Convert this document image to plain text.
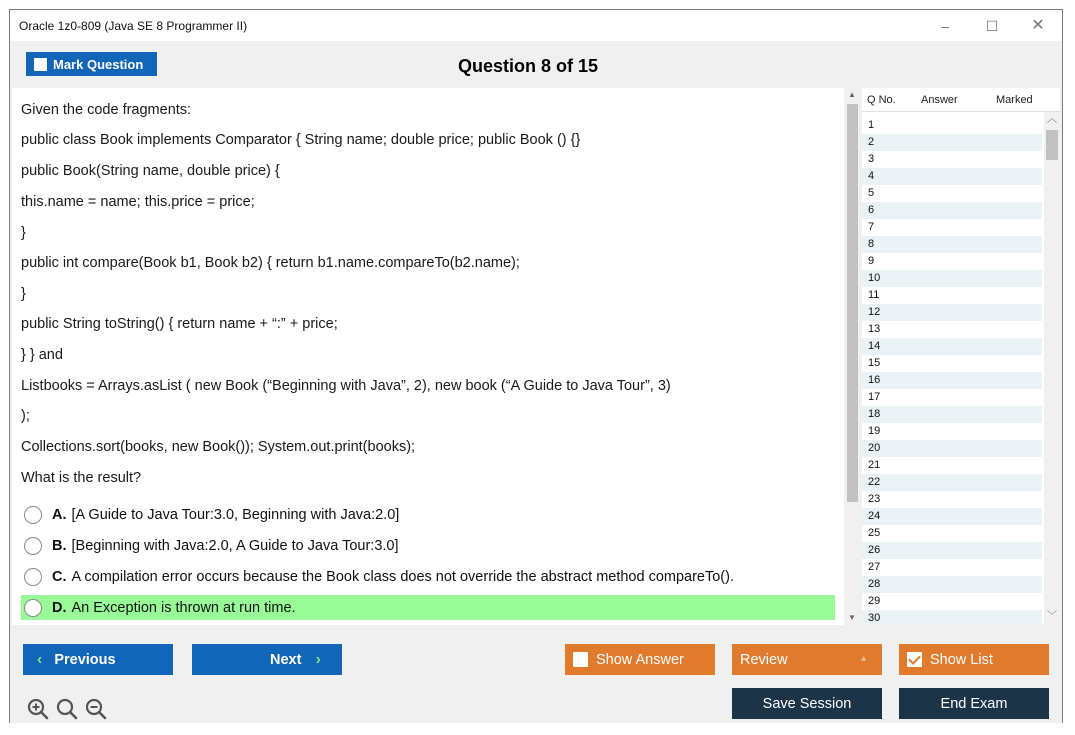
Oracle 1z0-809 (Java SE 8 Programmer II)	–	☐	✕
Mark Question	Question 8 of 15
Given the code fragments:
public class Book implements Comparator { String name; double price; public Book () {}
public Book(String name, double price) {
this.name = name; this.price = price;
}
public int compare(Book b1, Book b2) { return b1.name.compareTo(b2.name);
}
public String toString() { return name + “:” + price;
} } and
Listbooks = Arrays.asList ( new Book (“Beginning with Java”, 2), new book (“A Guide to Java Tour”, 3)
);
Collections.sort(books, new Book()); System.out.print(books);
What is the result?
A. [A Guide to Java Tour:3.0, Beginning with Java:2.0]
B. [Beginning with Java:2.0, A Guide to Java Tour:3.0]
C. A compilation error occurs because the Book class does not override the abstract method compareTo().
D. An Exception is thrown at run time.
▲
▼
Q No. Answer	Marked
1
2
3
4
5
6
7
8
9
10
11
12
13
14
15
16
17
18
19
20
21
22
23
24
25
26
27
28
29
30
︿
﹀
‹ Previous	Next ›	Show Answer	Review	▲	Show List
Save Session	End Exam
